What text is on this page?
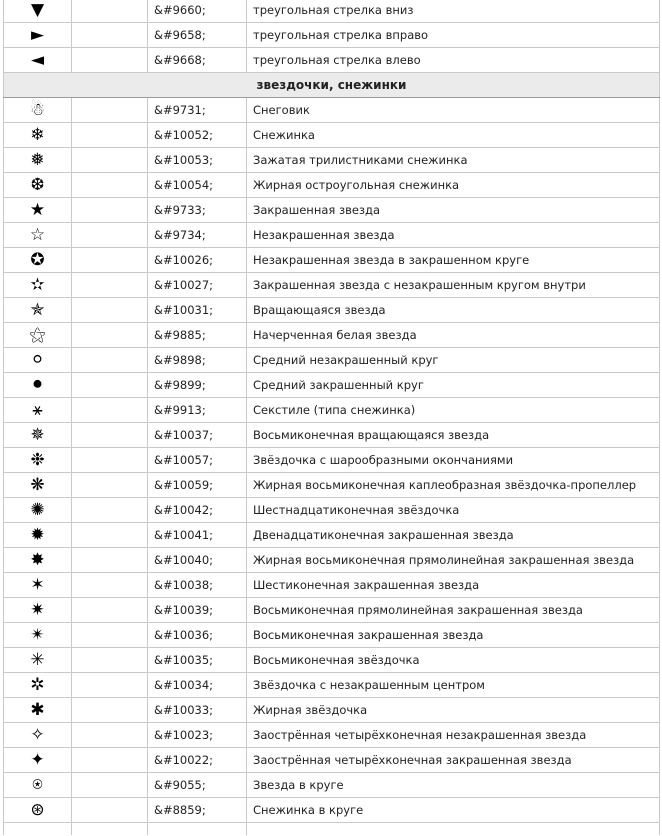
▼		&#9660;	треугольная стрелка вниз
►		&#9658;	треугольная стрелка вправо
◄		&#9668;	треугольная стрелка влево
звездочки, снежинки			
☃		&#9731;	Снеговик
❄		&#10052;	Снежинка
❅		&#10053;	Зажатая трилистниками снежинка
❆		&#10054;	Жирная остроугольная снежинка
★		&#9733;	Закрашенная звезда
☆		&#9734;	Незакрашенная звезда
✪		&#10026;	Незакрашенная звезда в закрашенном круге
✫		&#10027;	Закрашенная звезда с незакрашенным кругом внутри
✯		&#10031;	Вращающаяся звезда
⚝		&#9885;	Начерченная белая звезда
⚪		&#9898;	Средний незакрашенный круг
⚫		&#9899;	Средний закрашенный круг
⚹		&#9913;	Секстиле (типа снежинка)
✵		&#10037;	Восьмиконечная вращающаяся звезда
❉		&#10057;	Звёздочка с шарообразными окончаниями
❋		&#10059;	Жирная восьмиконечная каплеобразная звёздочка-пропеллер
✺		&#10042;	Шестнадцатиконечная звёздочка
✹		&#10041;	Двенадцатиконечная закрашенная звезда
✸		&#10040;	Жирная восьмиконечная прямолинейная закрашенная звезда
✶		&#10038;	Шестиконечная закрашенная звезда
✷		&#10039;	Восьмиконечная прямолинейная закрашенная звезда
✴		&#10036;	Восьмиконечная закрашенная звезда
✳		&#10035;	Восьмиконечная звёздочка
✲		&#10034;	Звёздочка с незакрашенным центром
✱		&#10033;	Жирная звёздочка
✧		&#10023;	Заострённая четырёхконечная незакрашенная звезда
✦		&#10022;	Заострённая четырёхконечная закрашенная звезда
⍟		&#9055;	Звезда в круге
⊛		&#8859;	Снежинка в круге
